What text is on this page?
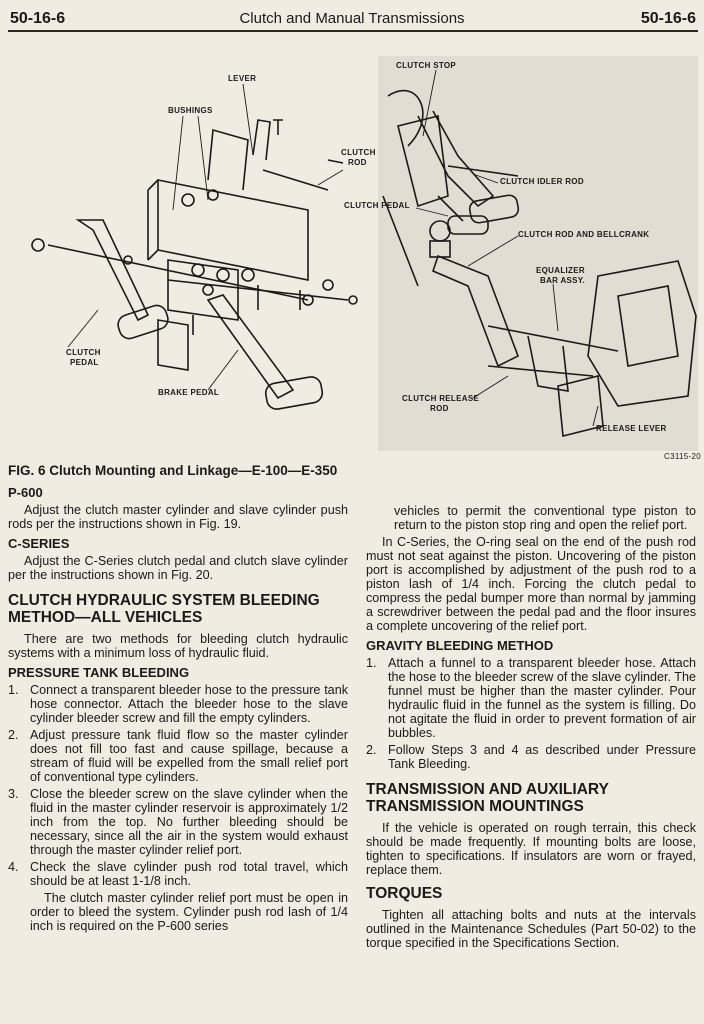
50-16-6	Clutch and Manual Transmissions	50-16-6
LEVER
BUSHINGS
CLUTCH
ROD
CLUTCH
PEDAL
BRAKE PEDAL
CLUTCH STOP
CLUTCH IDLER ROD
CLUTCH PEDAL
CLUTCH ROD AND BELLCRANK
EQUALIZER
BAR ASSY.
CLUTCH RELEASE
ROD
RELEASE LEVER
C3115-20
FIG. 6 Clutch Mounting and Linkage—E-100—E-350
P-600

Adjust the clutch master cylinder and slave cylinder push rods per the instructions shown in Fig. 19.

C-SERIES

Adjust the C-Series clutch pedal and clutch slave cylinder per the instructions shown in Fig. 20.

CLUTCH HYDRAULIC SYSTEM BLEEDING METHOD—ALL VEHICLES

There are two methods for bleeding clutch hydraulic systems with a minimum loss of hydraulic fluid.

PRESSURE TANK BLEEDING
1. Connect a transparent bleeder hose to the pressure tank hose connector. Attach the bleeder hose to the slave cylinder bleeder screw and fill the empty cylinders.
2. Adjust pressure tank fluid flow so the master cylinder does not fill too fast and cause spillage, because a stream of fluid will be expelled from the small relief port of conventional type cylinders.
3. Close the bleeder screw on the slave cylinder when the fluid in the master cylinder reservoir is approximately 1/2 inch from the top. No further bleeding should be necessary, since all the air in the system would exhaust through the master cylinder relief port.
4. Check the slave cylinder push rod total travel, which should be at least 1-1/8 inch.

The clutch master cylinder relief port must be open in order to bleed the system. Cylinder push rod lash of 1/4 inch is required on the P-600 series

vehicles to permit the conventional type piston to return to the piston stop ring and open the relief port.

In C-Series, the O-ring seal on the end of the push rod must not seat against the piston. Uncovering of the piston port is accomplished by adjustment of the push rod to a piston lash of 1/4 inch. Forcing the clutch pedal to compress the pedal bumper more than normal by jamming a screwdriver between the pedal pad and the floor insures a complete uncovering of the relief port.

GRAVITY BLEEDING METHOD
1. Attach a funnel to a transparent bleeder hose. Attach the hose to the bleeder screw of the slave cylinder. The funnel must be higher than the master cylinder. Pour hydraulic fluid in the funnel as the system is filling. Do not agitate the fluid in order to prevent formation of air bubbles.
2. Follow Steps 3 and 4 as described under Pressure Tank Bleeding.
TRANSMISSION AND AUXILIARY TRANSMISSION MOUNTINGS

If the vehicle is operated on rough terrain, this check should be made frequently. If mounting bolts are loose, tighten to specifications. If insulators are worn or frayed, replace them.

TORQUES

Tighten all attaching bolts and nuts at the intervals outlined in the Maintenance Schedules (Part 50-02) to the torque specified in the Specifications Section.
